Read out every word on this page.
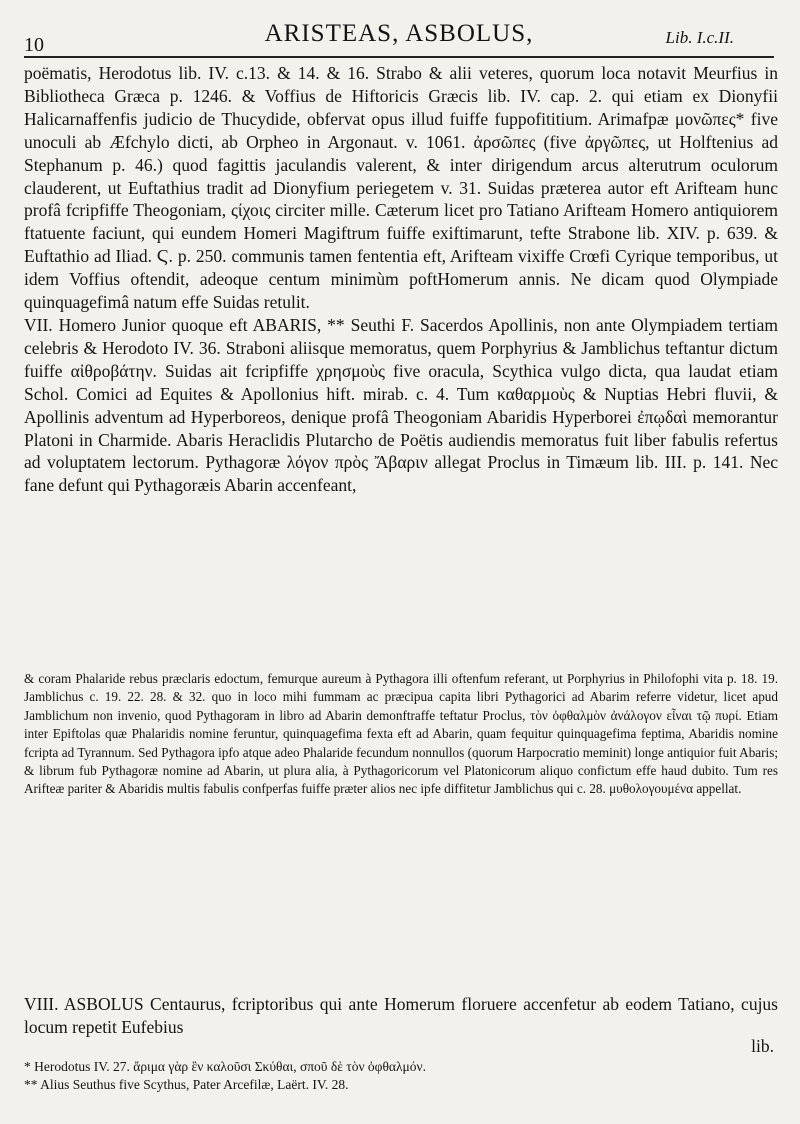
10	ARISTEAS, ASBOLUS,	Lib. I.c.II.

poëmatis, Herodotus lib. IV. c.13. & 14. & 16. Strabo & alii veteres, quorum loca notavit Meurfius in Bibliotheca Græca p. 1246. & Voffius de Hiftoricis Græcis lib. IV. cap. 2. qui etiam ex Dionyfii Halicarnaffenfis judicio de Thucydide, obfervat opus illud fuiffe fuppofititium. Arimafpæ μονῶπες* five unoculi ab Æfchylo dicti, ab Orpheo in Argonaut. v. 1061. ἀρσῶπες (five ἀργῶπες, ut Holftenius ad Stephanum p. 46.) quod fagittis jaculandis valerent, & inter dirigendum arcus alterutrum oculorum clauderent, ut Euftathius tradit ad Dionyfium periegetem v. 31. Suidas præterea autor eft Arifteam hunc profâ fcripfiffe Theogoniam, ςίχοις circiter mille. Cæterum licet pro Tatiano Arifteam Homero antiquiorem ftatuente faciunt, qui eundem Homeri Magiftrum fuiffe exiftimarunt, tefte Strabone lib. XIV. p. 639. & Euftathio ad Iliad. Ϛ. p. 250. communis tamen fententia eft, Arifteam vixiffe Crœfi Cyrique temporibus, ut idem Voffius oftendit, adeoque centum minimùm poftHomerum annis. Ne dicam quod Olympiade quinquagefimâ natum effe Suidas retulit.

VII. Homero Junior quoque eft ABARIS, ** Seuthi F. Sacerdos Apollinis, non ante Olympiadem tertiam celebris & Herodoto IV. 36. Straboni aliisque memoratus, quem Porphyrius & Jamblichus teftantur dictum fuiffe αἰθροβάτην. Suidas ait fcripfiffe χρησμοὺς five oracula, Scythica vulgo dicta, qua laudat etiam Schol. Comici ad Equites & Apollonius hift. mirab. c. 4. Tum καθαρμοὺς & Nuptias Hebri fluvii, & Apollinis adventum ad Hyperboreos, denique profâ Theogoniam Abaridis Hyperborei ἐπῳδαὶ memorantur Platoni in Charmide. Abaris Heraclidis Plutarcho de Poëtis audiendis memoratus fuit liber fabulis refertus ad voluptatem lectorum. Pythagoræ λόγον πρὸς Ἄβαριν allegat Proclus in Timæum lib. III. p. 141. Nec fane defunt qui Pythagoræis Abarin accenfeant,

& coram Phalaride rebus præclaris edoctum, femurque aureum à Pythagora illi oftenfum referant, ut Porphyrius in Philofophi vita p. 18. 19. Jamblichus c. 19. 22. 28. & 32. quo in loco mihi fummam ac præcipua capita libri Pythagorici ad Abarim referre videtur, licet apud Jamblichum non invenio, quod Pythagoram in libro ad Abarin demonftraffe teftatur Proclus, τὸν ὀφθαλμὸν ἀνάλογον εἶναι τῷ πυρί. Etiam inter Epiftolas quæ Phalaridis nomine feruntur, quinquagefima fexta eft ad Abarin, quam fequitur quinquagefima feptima, Abaridis nomine fcripta ad Tyrannum. Sed Pythagora ipfo atque adeo Phalaride fecundum nonnullos (quorum Harpocratio meminit) longe antiquior fuit Abaris; & librum fub Pythagoræ nomine ad Abarin, ut plura alia, à Pythagoricorum vel Platonicorum aliquo confictum effe haud dubito. Tum res Arifteæ pariter & Abaridis multis fabulis confperfas fuiffe præter alios nec ipfe diffitetur Jamblichus qui c. 28. μυθολογουμένα appellat.

VIII. ASBOLUS Centaurus, fcriptoribus qui ante Homerum floruere accenfetur ab eodem Tatiano, cujus locum repetit Eufebius

lib.

* Herodotus IV. 27. ἄριμα γὰρ ἓν καλοῦσι Σκύθαι, σποῦ δὲ τὸν ὀφθαλμόν.

** Alius Seuthus five Scythus, Pater Arcefilæ, Laërt. IV. 28.
